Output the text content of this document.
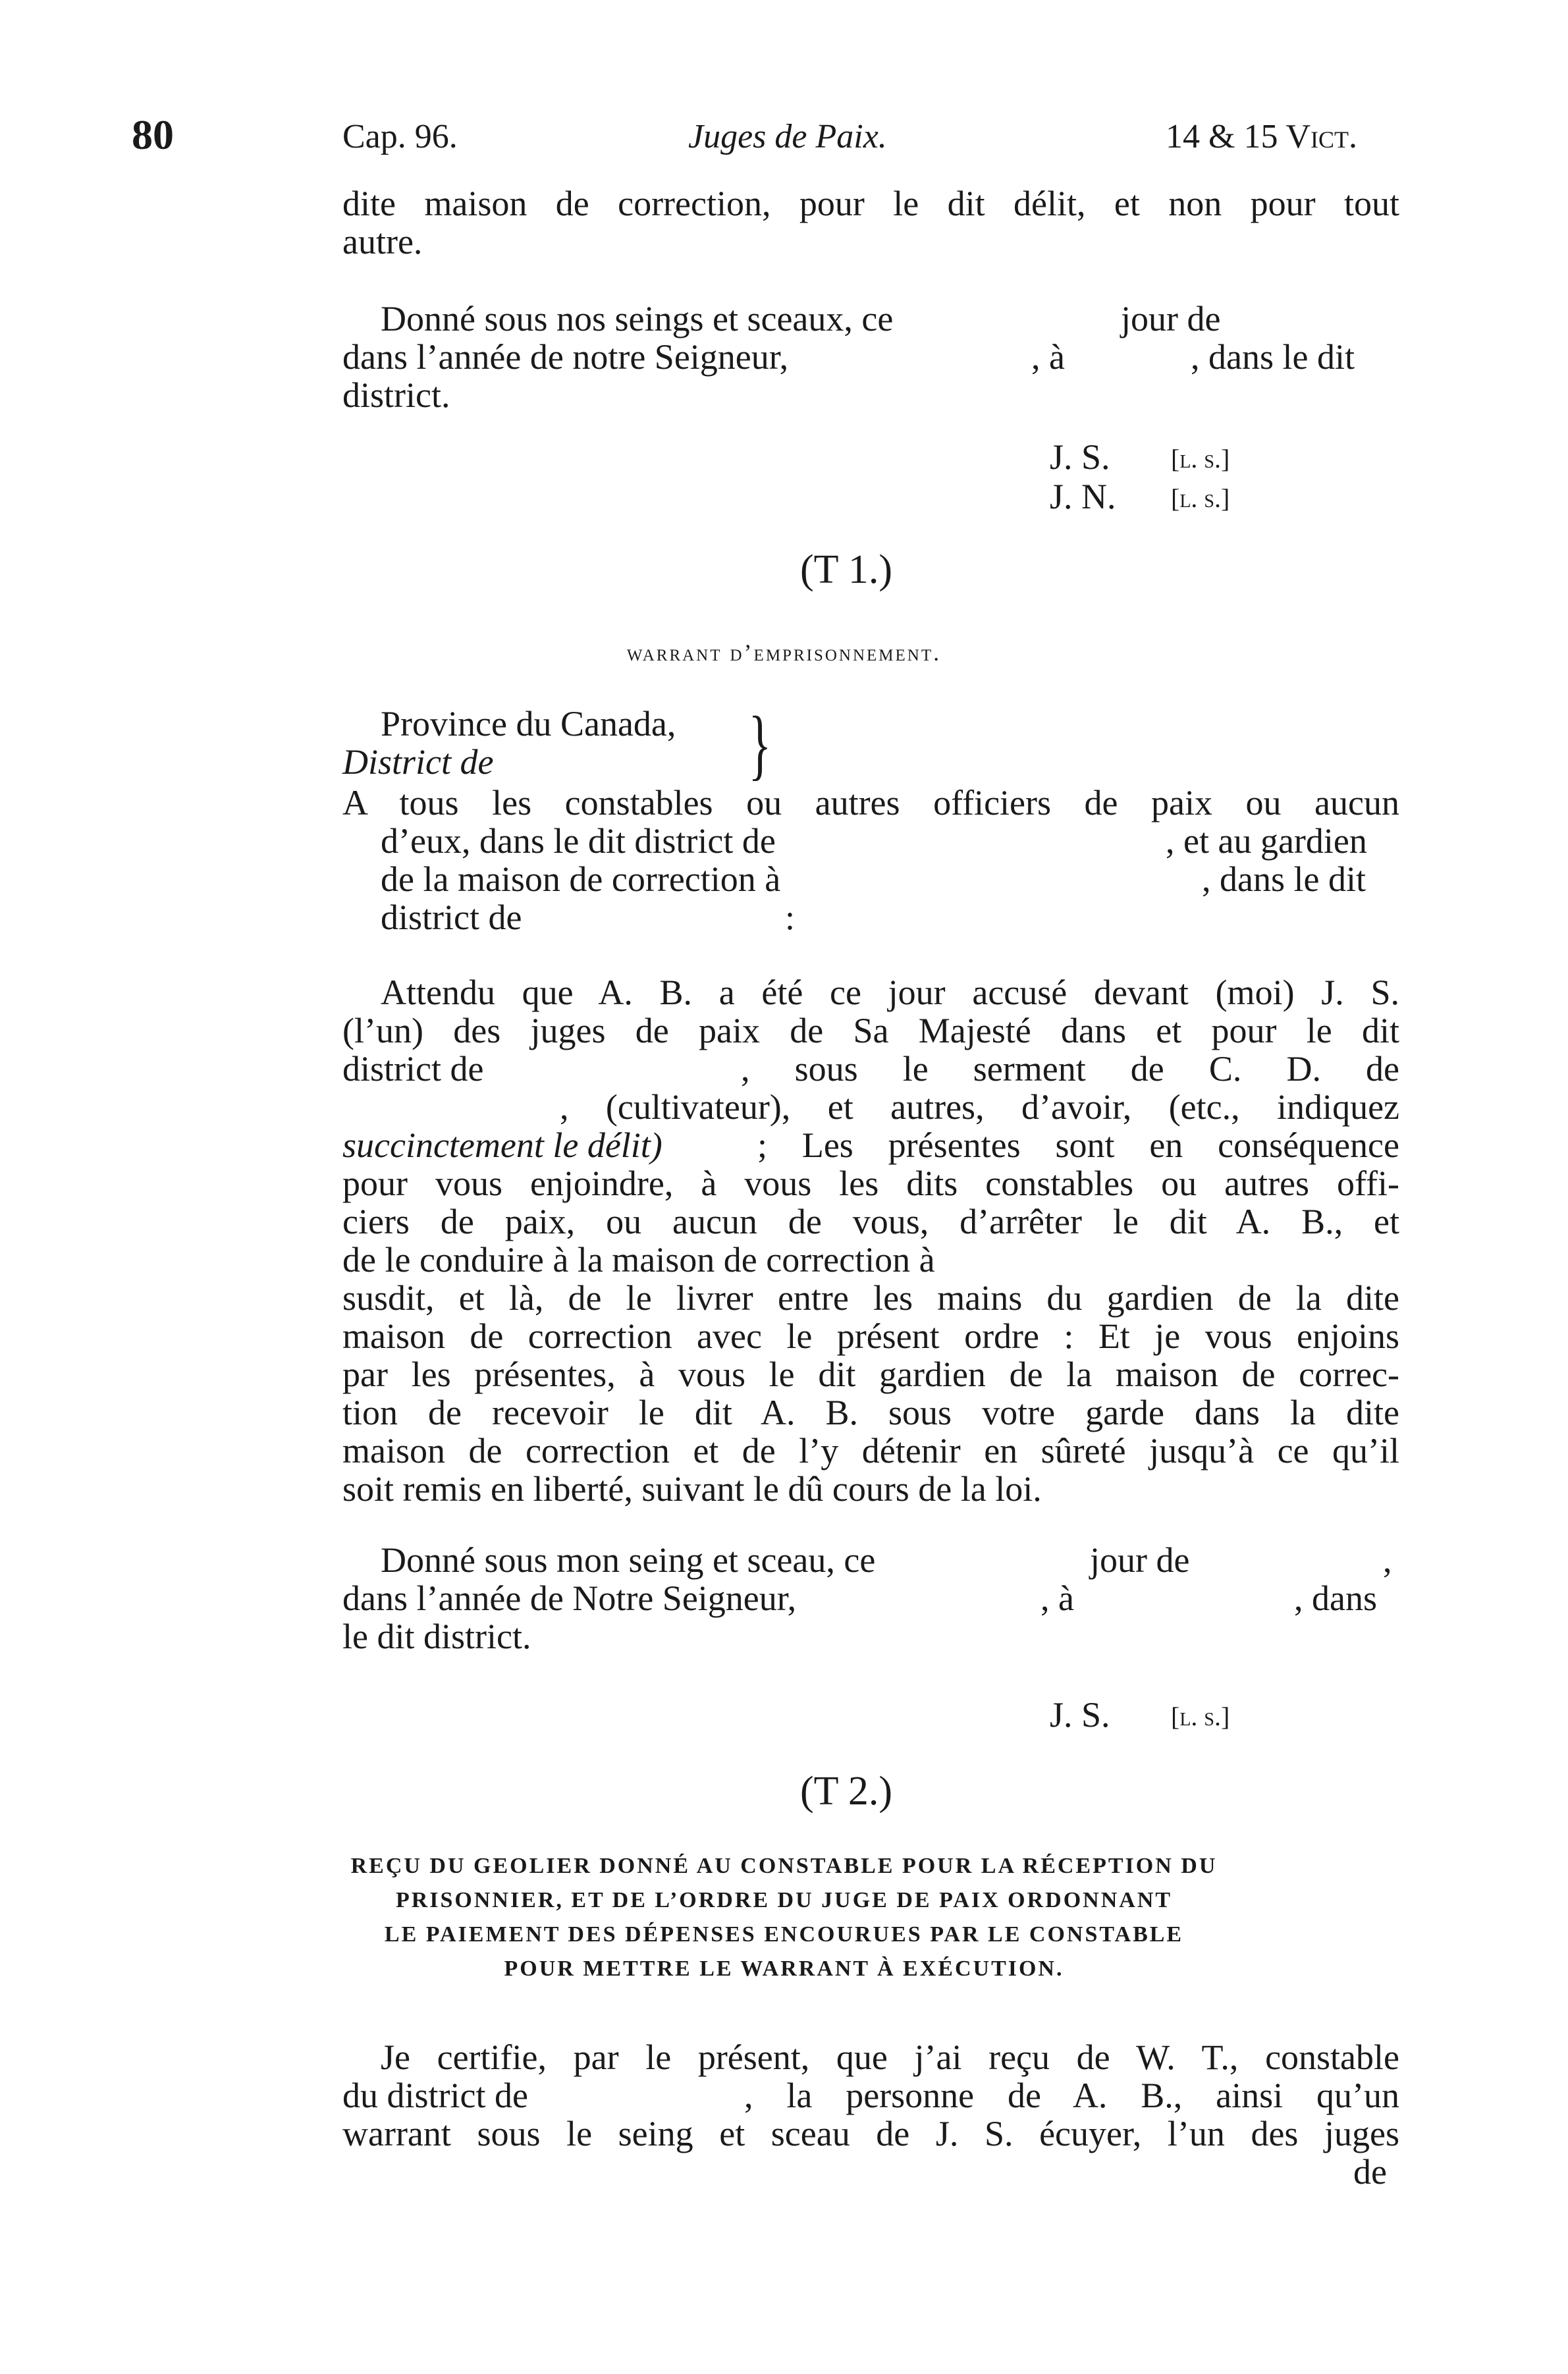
80	Cap. 96.	Juges de Paix.	14 & 15 Vict.
dite maison de correction, pour le dit délit, et non pour tout
autre.
Donné sous nos seings et sceaux, ce	jour de
dans l’année de notre Seigneur,	, à	, dans le dit
district.
J. S. [l. s.]
J. N. [l. s.]
(T 1.)
warrant d’emprisonnement.
Province du Canada,
District de	}
A tous les constables ou autres officiers de paix ou aucun
d’eux, dans le dit district de	, et au gardien
de la maison de correction à	, dans le dit
district de	:
Attendu que A. B. a été ce jour accusé devant (moi) J. S.
(l’un) des juges de paix de Sa Majesté dans et pour le dit
district de	, sous le serment de C. D. de
, (cultivateur), et autres, d’avoir, (etc., indiquez
succinctement le délit)	; Les présentes sont en conséquence
pour vous enjoindre, à vous les dits constables ou autres offi-
ciers de paix, ou aucun de vous, d’arrêter le dit A. B., et
de le conduire à la maison de correction à
susdit, et là, de le livrer entre les mains du gardien de la dite
maison de correction avec le présent ordre : Et je vous enjoins
par les présentes, à vous le dit gardien de la maison de correc-
tion de recevoir le dit A. B. sous votre garde dans la dite
maison de correction et de l’y détenir en sûreté jusqu’à ce qu’il
soit remis en liberté, suivant le dû cours de la loi.
Donné sous mon seing et sceau, ce	jour de	,
dans l’année de Notre Seigneur,	, à	, dans
le dit district.
J. S. [l. s.]
(T 2.)
REÇU DU GEOLIER DONNÉ AU CONSTABLE POUR LA RÉCEPTION DU
PRISONNIER, ET DE L’ORDRE DU JUGE DE PAIX ORDONNANT
LE PAIEMENT DES DÉPENSES ENCOURUES PAR LE CONSTABLE
POUR METTRE LE WARRANT À EXÉCUTION.
Je certifie, par le présent, que j’ai reçu de W. T., constable
du district de	, la personne de A. B., ainsi qu’un
warrant sous le seing et sceau de J. S. écuyer, l’un des juges
de
